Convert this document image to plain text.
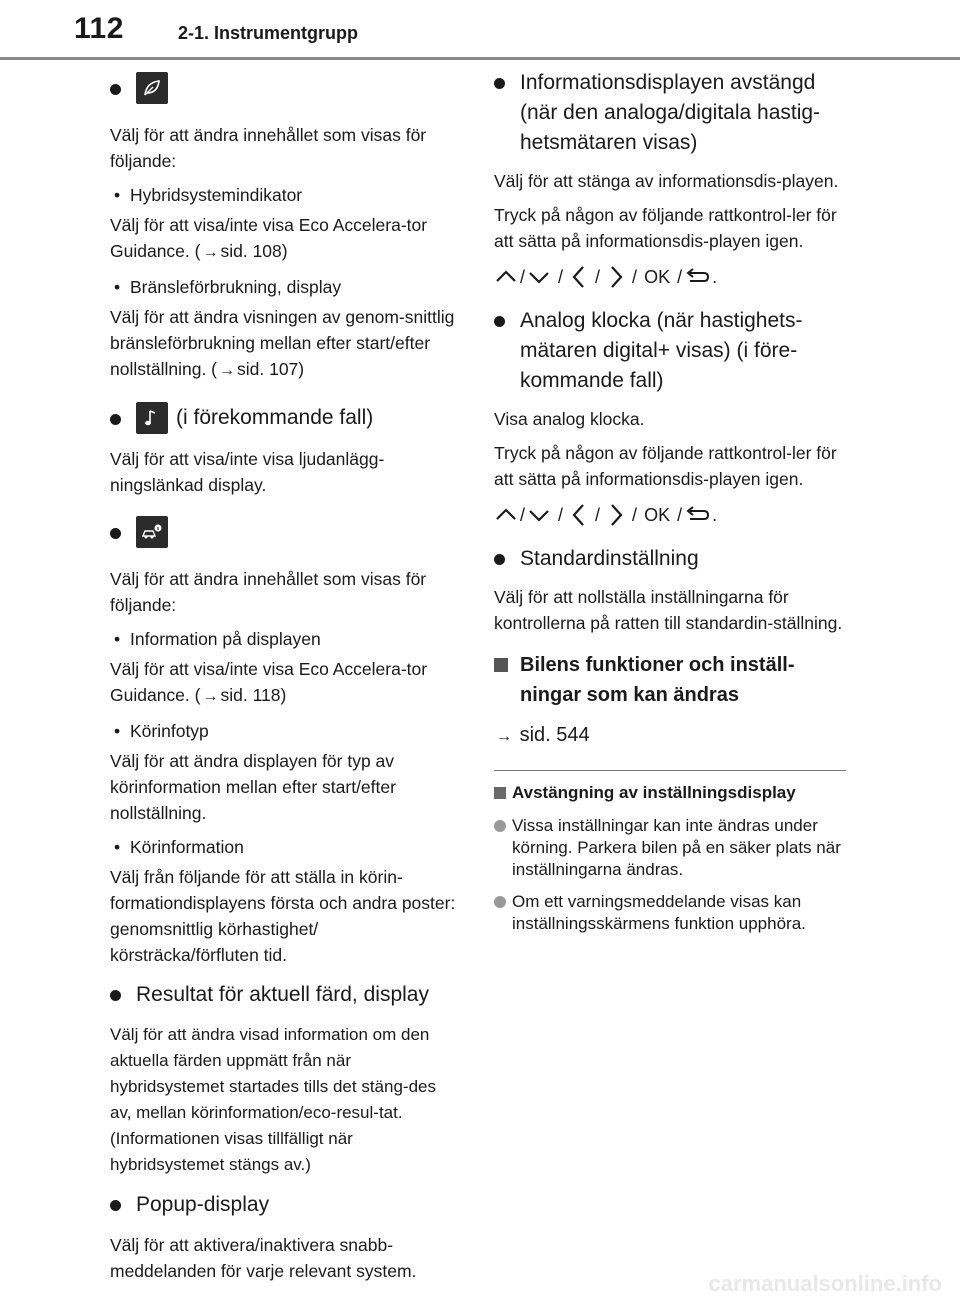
112	2-1. Instrumentgrupp

Välj för att ändra innehållet som visas för följande:

• Hybridsystemindikator

Välj för att visa/inte visa Eco Accelera-tor Guidance. ( → sid. 108)

• Bränsleförbrukning, display

Välj för att ändra visningen av genom-snittlig bränsleförbrukning mellan efter start/efter nollställning. ( → sid. 107)

(i förekommande fall)

Välj för att visa/inte visa ljudanlägg-ningslänkad display.

Välj för att ändra innehållet som visas för följande:

• Information på displayen

Välj för att visa/inte visa Eco Accelera-tor Guidance. ( → sid. 118)

• Körinfotyp

Välj för att ändra displayen för typ av körinformation mellan efter start/efter nollställning.

• Körinformation

Välj från följande för att ställa in körin-formationdisplayens första och andra poster: genomsnittlig körhastighet/ körsträcka/förfluten tid.

Resultat för aktuell färd, display

Välj för att ändra visad information om den aktuella färden uppmätt från när hybridsystemet startades tills det stäng-des av, mellan körinformation/eco-resul-tat. (Informationen visas tillfälligt när hybridsystemet stängs av.)

Popup-display

Välj för att aktivera/inaktivera snabb-meddelanden för varje relevant system.

Informationsdisplayen avstängd (när den analoga/digitala hastig-hetsmätaren visas)

Välj för att stänga av informationsdis-playen.

Tryck på någon av följande rattkontrol-ler för att sätta på informationsdis-playen igen.

/ / / / OK / .
Analog klocka (när hastighets-mätaren digital+ visas) (i före-kommande fall)

Visa analog klocka.

Tryck på någon av följande rattkontrol-ler för att sätta på informationsdis-playen igen.

/ / / / OK / .
Standardinställning

Välj för att nollställa inställningarna för kontrollerna på ratten till standardin-ställning.

Bilens funktioner och inställ-ningar som kan ändras

→ sid. 544

Avstängning av inställningsdisplay
Vissa inställningar kan inte ändras under körning. Parkera bilen på en säker plats när inställningarna ändras.
Om ett varningsmeddelande visas kan inställningsskärmens funktion upphöra.
carmanualsonline.info
